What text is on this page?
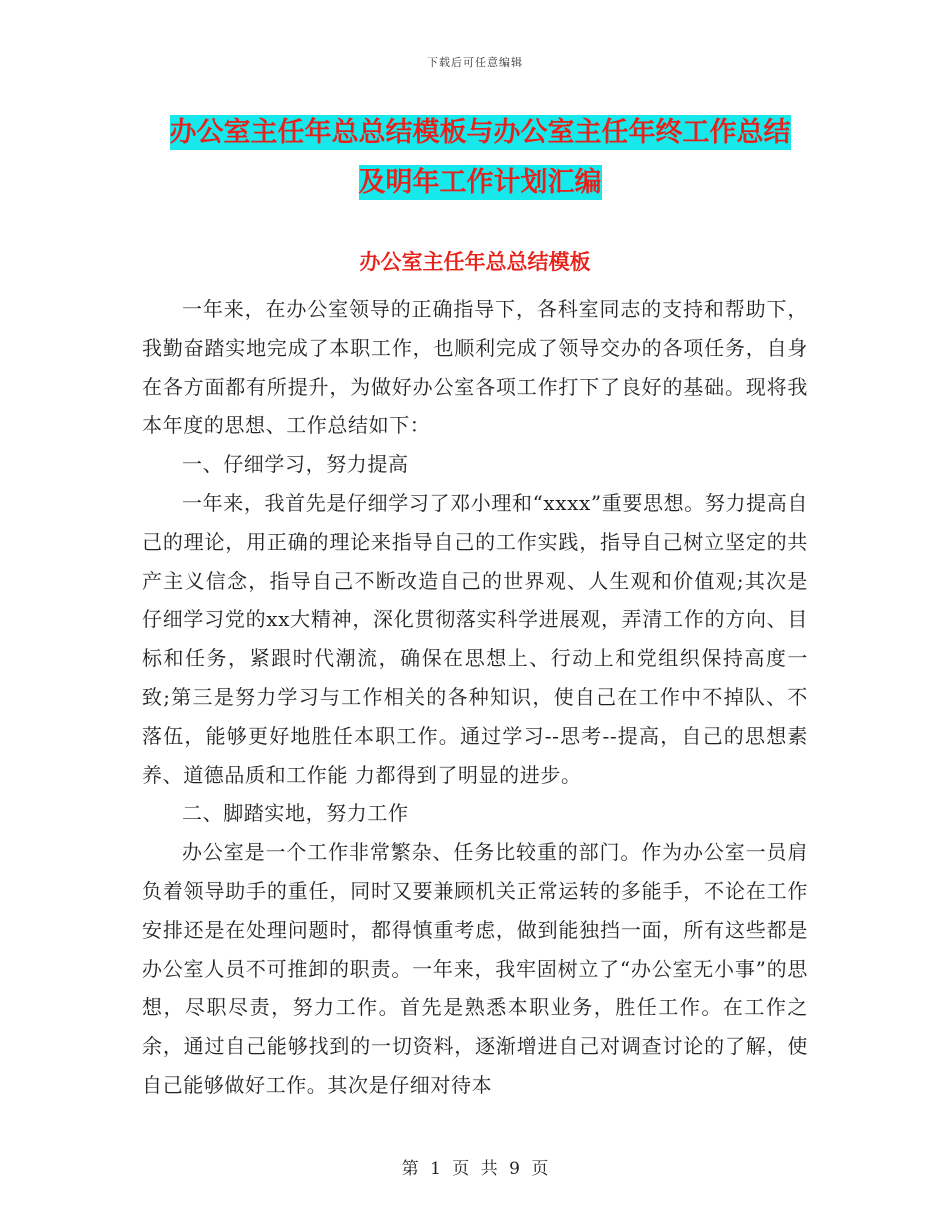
下载后可任意编辑
办公室主任年总总结模板与办公室主任年终工作总结
及明年工作计划汇编
办公室主任年总总结模板

一年来，在办公室领导的正确指导下，各科室同志的支持和帮助下，我勤奋踏实地完成了本职工作，也顺利完成了领导交办的各项任务，自身在各方面都有所提升，为做好办公室各项工作打下了良好的基础。现将我本年度的思想、工作总结如下：

一、仔细学习，努力提高

一年来，我首先是仔细学习了邓小理和“xxxx”重要思想。努力提高自己的理论，用正确的理论来指导自己的工作实践，指导自己树立坚定的共产主义信念，指导自己不断改造自己的世界观、人生观和价值观;其次是仔细学习党的xx大精神，深化贯彻落实科学进展观，弄清工作的方向、目标和任务，紧跟时代潮流，确保在思想上、行动上和党组织保持高度一致;第三是努力学习与工作相关的各种知识，使自己在工作中不掉队、不落伍，能够更好地胜任本职工作。通过学习--思考--提高，自己的思想素养、道德品质和工作能 力都得到了明显的进步。

二、脚踏实地，努力工作

办公室是一个工作非常繁杂、任务比较重的部门。作为办公室一员肩负着领导助手的重任，同时又要兼顾机关正常运转的多能手，不论在工作安排还是在处理问题时，都得慎重考虑，做到能独挡一面，所有这些都是办公室人员不可推卸的职责。一年来，我牢固树立了“办公室无小事”的思想，尽职尽责，努力工作。首先是熟悉本职业务，胜任工作。在工作之余，通过自己能够找到的一切资料，逐渐增进自己对调查讨论的了解，使自己能够做好工作。其次是仔细对待本

第 1 页 共 9 页
